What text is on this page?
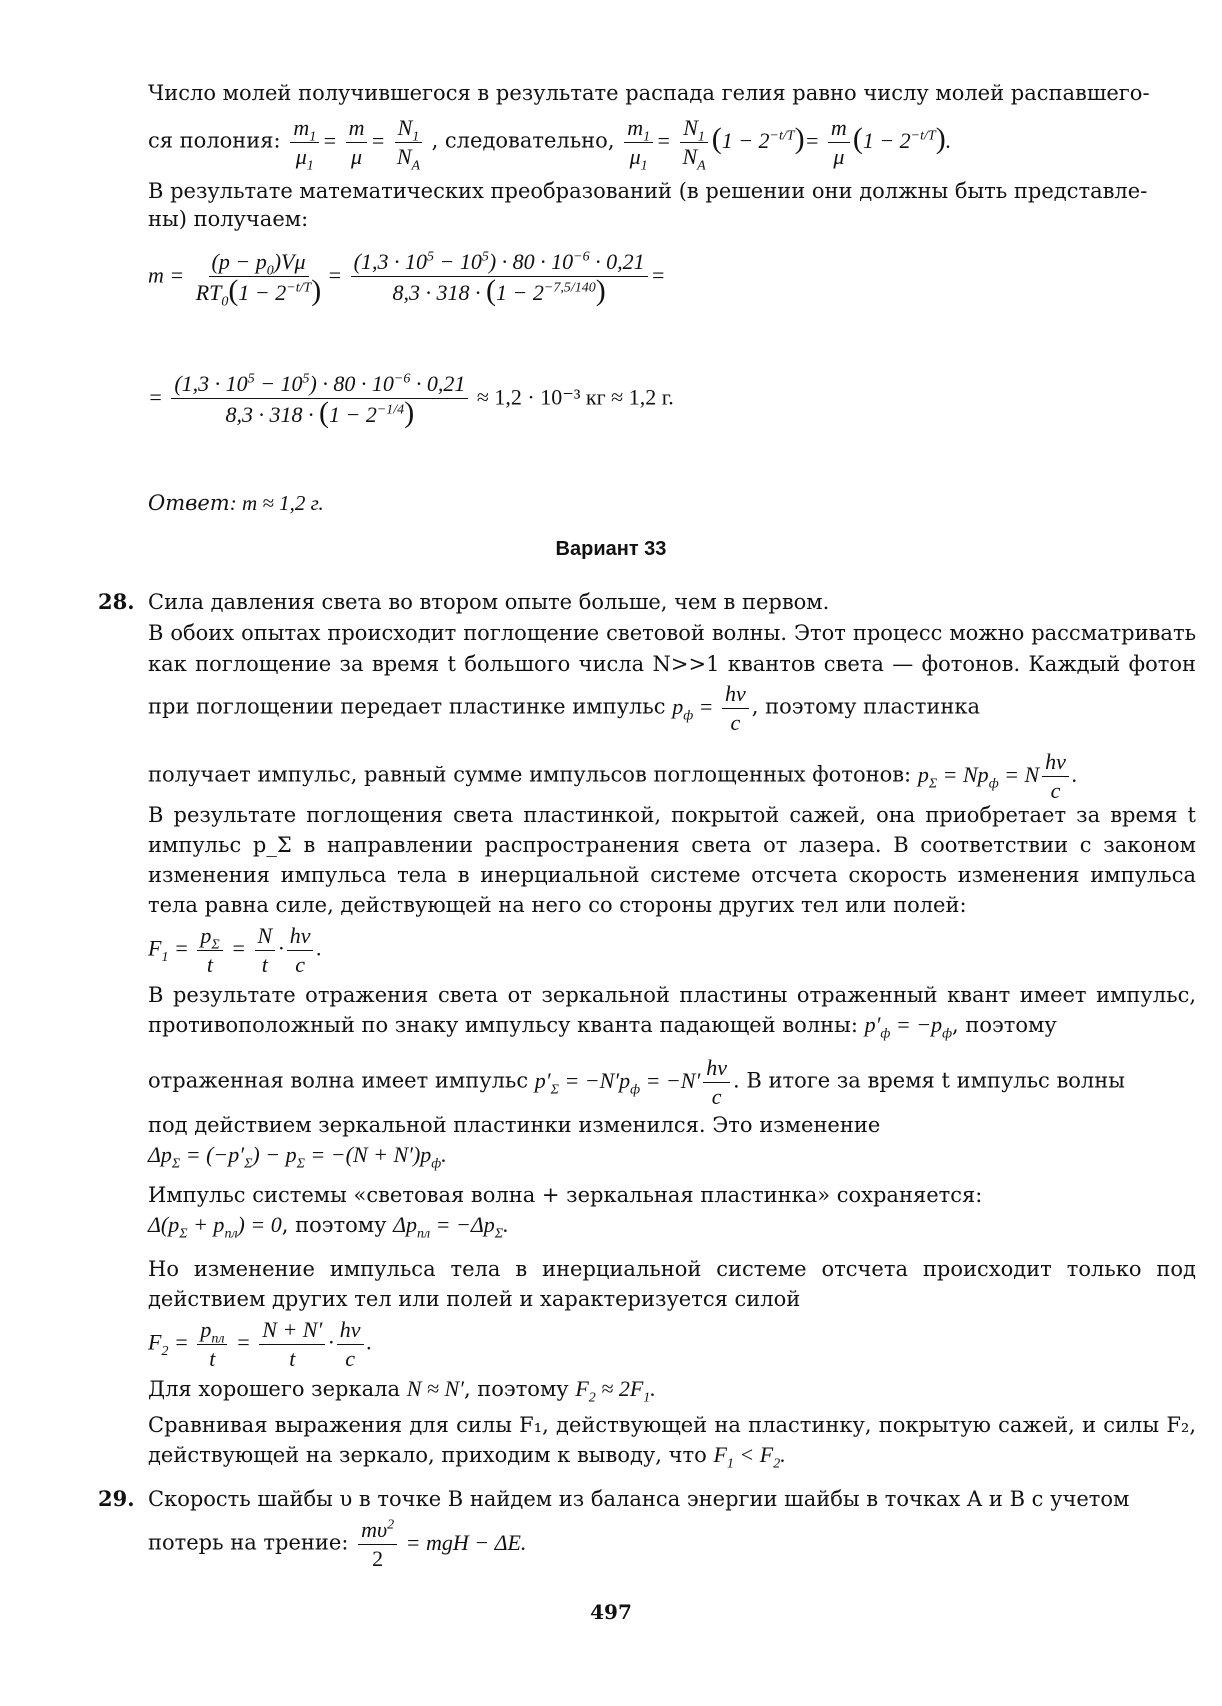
Число молей получившегося в результате распада гелия равно числу молей распавшего-
ся полония: $\frac{m_1}{\mu_1} = \frac{m}{\mu} = \frac{N_1}{N_A}$ , следовательно, $\frac{m_1}{\mu_1} = \frac{N_1}{N_A} (1 - 2^{-t/T})= \frac{m}{\mu} (1 - 2^{-t/T})$.
В результате математических преобразований (в решении они должны быть представле-
ны) получаем:
$m = \frac{(p - p_0)V\mu}{RT_0(1 - 2^{-t/T})} = \frac{(1,3 \cdot 10^5 - 10^5) \cdot 80 \cdot 10^{-6} \cdot 0,21}{8,3 \cdot 318 \cdot (1 - 2^{-7,5/140})}$ =
= $\frac{(1,3 \cdot 10^5 - 10^5) \cdot 80 \cdot 10^{-6} \cdot 0,21}{8,3 \cdot 318 \cdot (1 - 2^{-1/4})} \approx 1,2 \cdot 10^{-3}$ кг ≈ 1,2 г.
Ответ: m ≈ 1,2 г.
Вариант 33
28. Сила давления света во втором опыте больше, чем в первом.
В обоих опытах происходит поглощение световой волны. Этот процесс можно рассматривать как поглощение за время t большого числа N>>1 квантов света — фотонов. Каждый фотон при поглощении передает пластинке импульс $p_ф = \frac{h\nu}{c}$ , поэтому пластинка
получает импульс, равный сумме импульсов поглощенных фотонов: $p_\Sigma = Np_ф = N \frac{h\nu}{c}$ .
В результате поглощения света пластинкой, покрытой сажей, она приобретает за время t импульс p_Σ в направлении распространения света от лазера. В соответствии с законом изменения импульса тела в инерциальной системе отсчета скорость изменения импульса тела равна силе, действующей на него со стороны других тел или полей:
$F_1 = \frac{p_\Sigma}{t} = \frac{N}{t} \cdot \frac{h\nu}{c}$ .
В результате отражения света от зеркальной пластины отраженный квант имеет импульс, противоположный по знаку импульсу кванта падающей волны: $p'_ф = -p_ф$, поэтому
отраженная волна имеет импульс $p'_\Sigma = -N'p_ф = -N' \frac{h\nu}{c}$ . В итоге за время t импульс волны
под действием зеркальной пластинки изменился. Это изменение
$\Delta p_\Sigma = (-p'_\Sigma) - p_\Sigma = -(N + N')p_ф$.
Импульс системы «световая волна + зеркальная пластинка» сохраняется:
$\Delta(p_\Sigma + p_{пл}) = 0$, поэтому $\Delta p_{пл} = -\Delta p_\Sigma$.
Но изменение импульса тела в инерциальной системе отсчета происходит только под действием других тел или полей и характеризуется силой
$F_2 = \frac{p_{пл}}{t} = \frac{N + N'}{t} \cdot \frac{h\nu}{c}$ .
Для хорошего зеркала N ≈ N′, поэтому $F_2 \approx 2F_1$.
Сравнивая выражения для силы F₁, действующей на пластинку, покрытую сажей, и силы F₂, действующей на зеркало, приходим к выводу, что $F_1 < F_2$.
29. Скорость шайбы υ в точке B найдем из баланса энергии шайбы в точках A и B с учетом
потерь на трение: $\frac{m\upsilon^2}{2}$ = mgH − ΔE.
497
